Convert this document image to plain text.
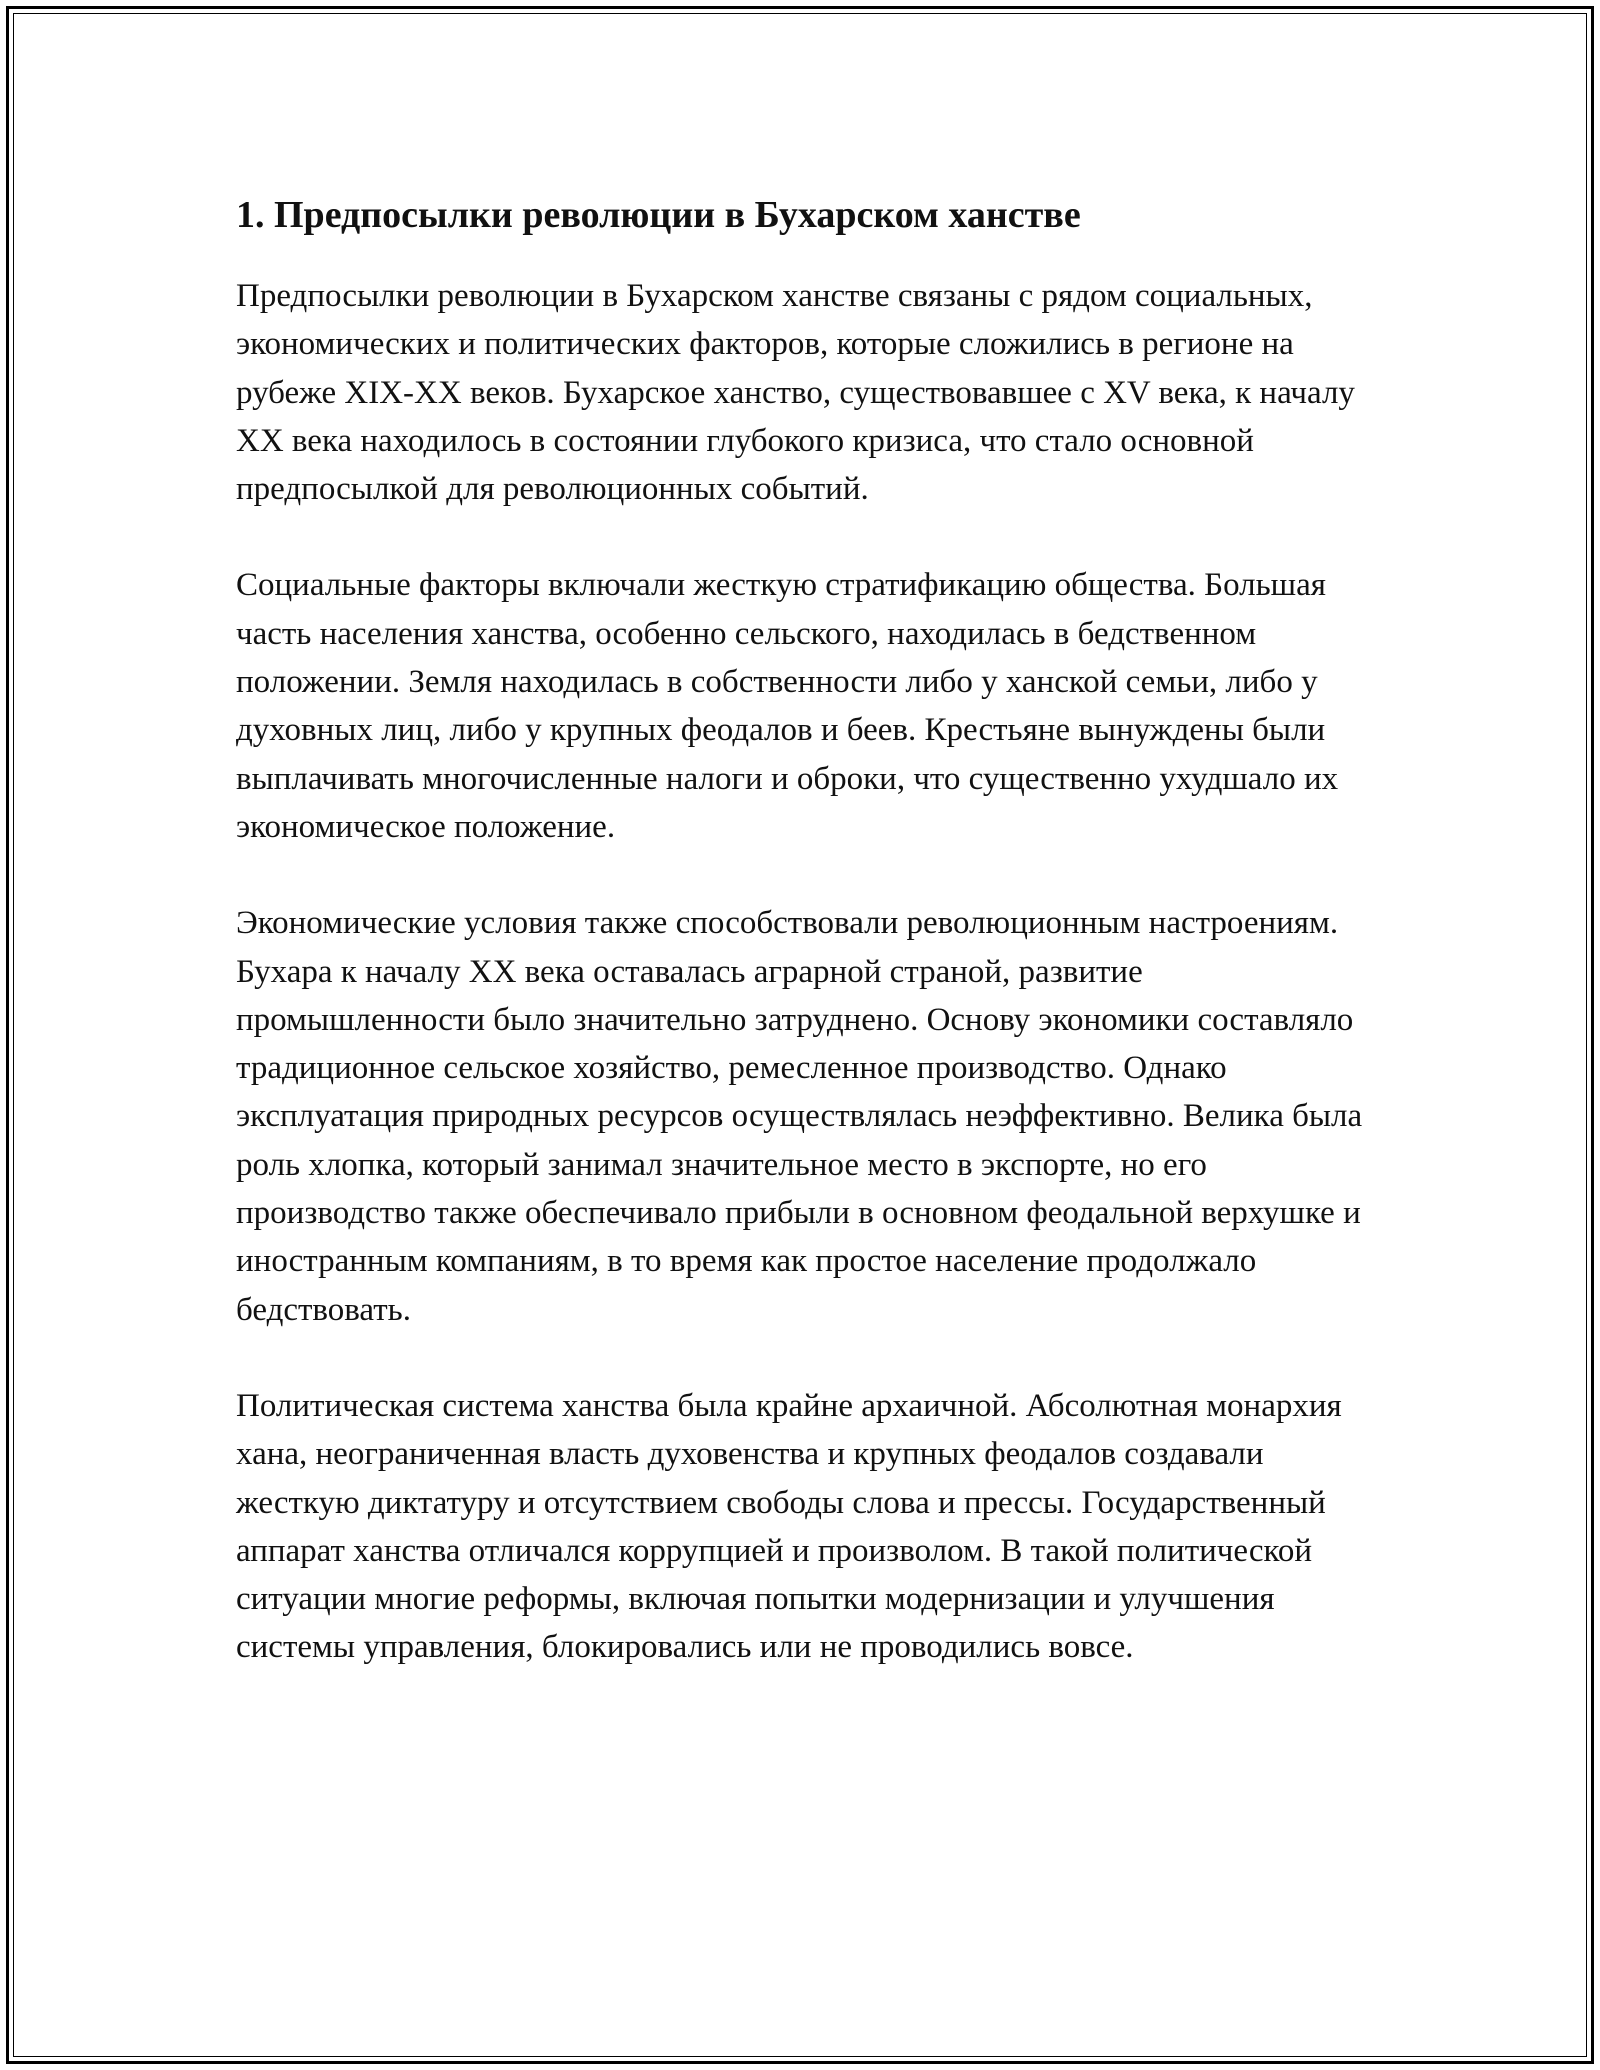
1. Предпосылки революции в Бухарском ханстве

Предпосылки революции в Бухарском ханстве связаны с рядом социальных, экономических и политических факторов, которые сложились в регионе на рубеже XIX-XX веков. Бухарское ханство, существовавшее с XV века, к началу XX века находилось в состоянии глубокого кризиса, что стало основной предпосылкой для революционных событий.

Социальные факторы включали жесткую стратификацию общества. Большая часть населения ханства, особенно сельского, находилась в бедственном положении. Земля находилась в собственности либо у ханской семьи, либо у духовных лиц, либо у крупных феодалов и беев. Крестьяне вынуждены были выплачивать многочисленные налоги и оброки, что существенно ухудшало их экономическое положение.

Экономические условия также способствовали революционным настроениям. Бухара к началу XX века оставалась аграрной страной, развитие промышленности было значительно затруднено. Основу экономики составляло традиционное сельское хозяйство, ремесленное производство. Однако эксплуатация природных ресурсов осуществлялась неэффективно. Велика была роль хлопка, который занимал значительное место в экспорте, но его производство также обеспечивало прибыли в основном феодальной верхушке и иностранным компаниям, в то время как простое население продолжало бедствовать.

Политическая система ханства была крайне архаичной. Абсолютная монархия хана, неограниченная власть духовенства и крупных феодалов создавали жесткую диктатуру и отсутствием свободы слова и прессы. Государственный аппарат ханства отличался коррупцией и произволом. В такой политической ситуации многие реформы, включая попытки модернизации и улучшения системы управления, блокировались или не проводились вовсе.
